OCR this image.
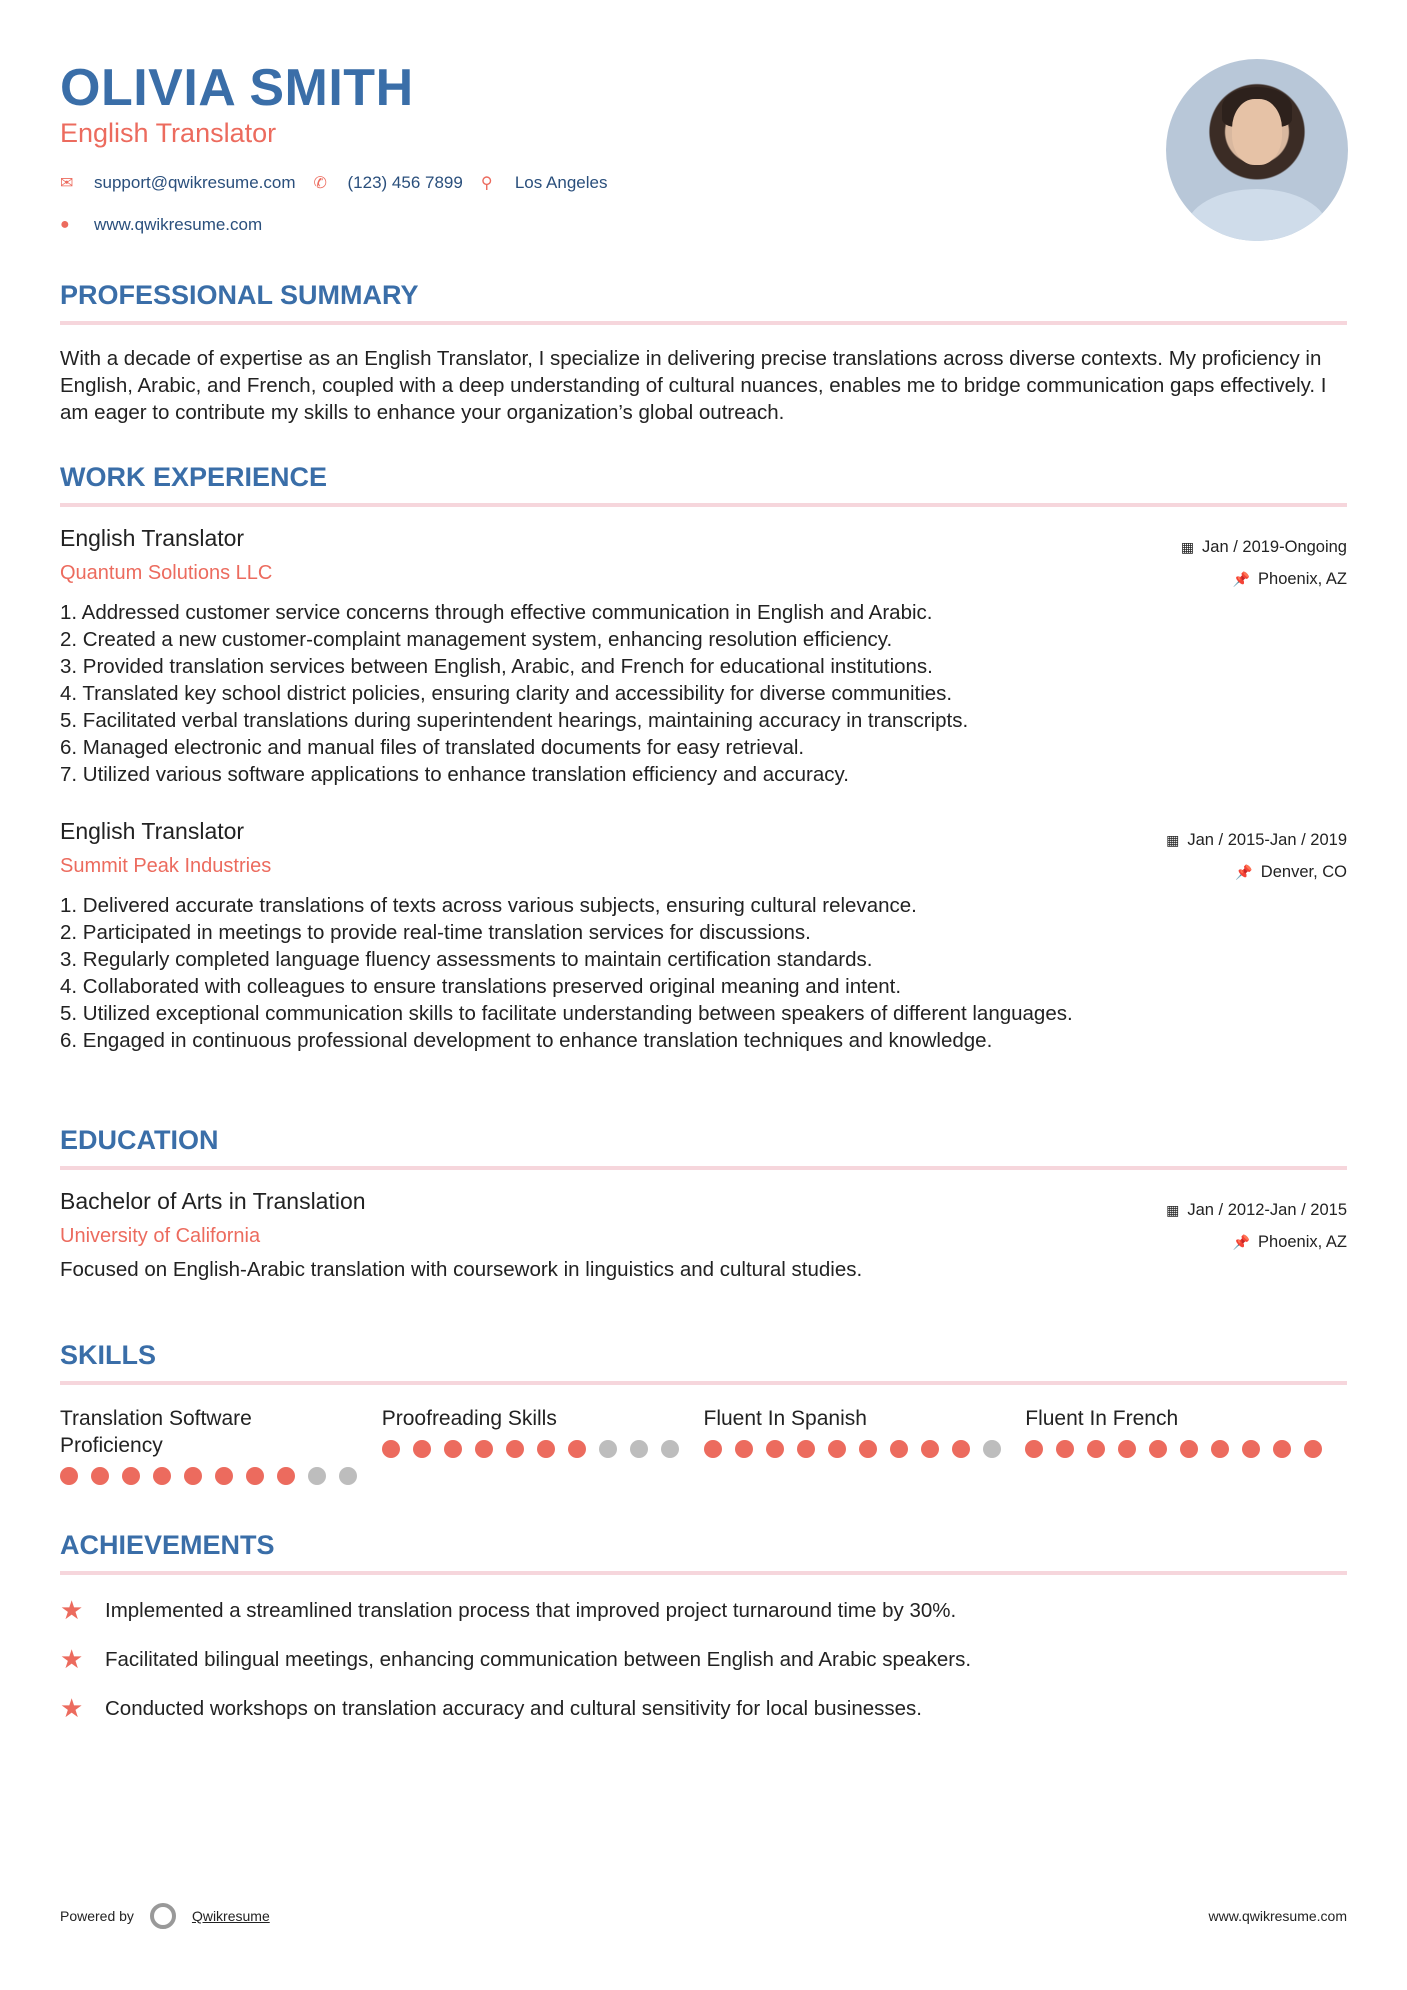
OLIVIA SMITH
English Translator
✉	support@qwikresume.com ✆	(123) 456 7899 ⚲	Los Angeles
●	www.qwikresume.com
PROFESSIONAL SUMMARY

With a decade of expertise as an English Translator, I specialize in delivering precise translations across diverse contexts. My proficiency in English, Arabic, and French, coupled with a deep understanding of cultural nuances, enables me to bridge communication gaps effectively. I am eager to contribute my skills to enhance your organization’s global outreach.

WORK EXPERIENCE
English Translator
Quantum Solutions LLC
▦ Jan / 2019-Ongoing
📌 Phoenix, AZ
1. Addressed customer service concerns through effective communication in English and Arabic.
2. Created a new customer-complaint management system, enhancing resolution efficiency.
3. Provided translation services between English, Arabic, and French for educational institutions.
4. Translated key school district policies, ensuring clarity and accessibility for diverse communities.
5. Facilitated verbal translations during superintendent hearings, maintaining accuracy in transcripts.
6. Managed electronic and manual files of translated documents for easy retrieval.
7. Utilized various software applications to enhance translation efficiency and accuracy.
English Translator
Summit Peak Industries
▦ Jan / 2015-Jan / 2019
📌 Denver, CO
1. Delivered accurate translations of texts across various subjects, ensuring cultural relevance.
2. Participated in meetings to provide real-time translation services for discussions.
3. Regularly completed language fluency assessments to maintain certification standards.
4. Collaborated with colleagues to ensure translations preserved original meaning and intent.
5. Utilized exceptional communication skills to facilitate understanding between speakers of different languages.
6. Engaged in continuous professional development to enhance translation techniques and knowledge.
EDUCATION
Bachelor of Arts in Translation
University of California
▦ Jan / 2012-Jan / 2015
📌 Phoenix, AZ

Focused on English-Arabic translation with coursework in linguistics and cultural studies.

SKILLS
Translation Software Proficiency
Proofreading Skills	Fluent In Spanish	Fluent In French
ACHIEVEMENTS
★	Implemented a streamlined translation process that improved project turnaround time by 30%.
★	Facilitated bilingual meetings, enhancing communication between English and Arabic speakers.
★	Conducted workshops on translation accuracy and cultural sensitivity for local businesses.
Powered by	Qwikresume	www.qwikresume.com
